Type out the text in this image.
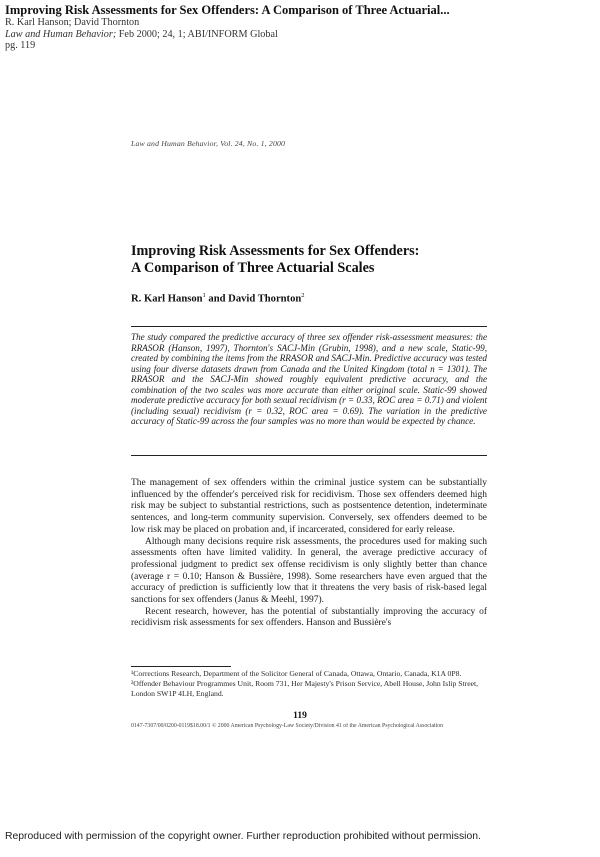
Improving Risk Assessments for Sex Offenders: A Comparison of Three Actuarial...
R. Karl Hanson; David Thornton
Law and Human Behavior; Feb 2000; 24, 1; ABI/INFORM Global
pg. 119
Law and Human Behavior, Vol. 24, No. 1, 2000
Improving Risk Assessments for Sex Offenders:
A Comparison of Three Actuarial Scales
R. Karl Hanson$^1$ and David Thornton$^2$
The study compared the predictive accuracy of three sex offender risk-assessment measures: the RRASOR (Hanson, 1997), Thornton's SACJ-Min (Grubin, 1998), and a new scale, Static-99, created by combining the items from the RRASOR and SACJ-Min. Predictive accuracy was tested using four diverse datasets drawn from Canada and the United Kingdom (total n = 1301). The RRASOR and the SACJ-Min showed roughly equivalent predictive accuracy, and the combination of the two scales was more accurate than either original scale. Static-99 showed moderate predictive accuracy for both sexual recidivism (r = 0.33, ROC area = 0.71) and violent (including sexual) recidivism (r = 0.32, ROC area = 0.69). The variation in the predictive accuracy of Static-99 across the four samples was no more than would be expected by chance.

The management of sex offenders within the criminal justice system can be substantially influenced by the offender's perceived risk for recidivism. Those sex offenders deemed high risk may be subject to substantial restrictions, such as postsentence detention, indeterminate sentences, and long-term community supervision. Conversely, sex offenders deemed to be low risk may be placed on probation and, if incarcerated, considered for early release.

Although many decisions require risk assessments, the procedures used for making such assessments often have limited validity. In general, the average predictive accuracy of professional judgment to predict sex offense recidivism is only slightly better than chance (average r = 0.10; Hanson & Bussière, 1998). Some researchers have even argued that the accuracy of prediction is sufficiently low that it threatens the very basis of risk-based legal sanctions for sex offenders (Janus & Meehl, 1997).

Recent research, however, has the potential of substantially improving the accuracy of recidivism risk assessments for sex offenders. Hanson and Bussière's

¹Corrections Research, Department of the Solicitor General of Canada, Ottawa, Ontario, Canada, K1A 0P8.

²Offender Behaviour Programmes Unit, Room 731, Her Majesty's Prison Service, Abell House, John Islip Street, London SW1P 4LH, England.

119
0147-7307/00/0200-0119$18.00/1 © 2000 American Psychology-Law Society/Division 41 of the American Psychological Association
Reproduced with permission of the copyright owner. Further reproduction prohibited without permission.
